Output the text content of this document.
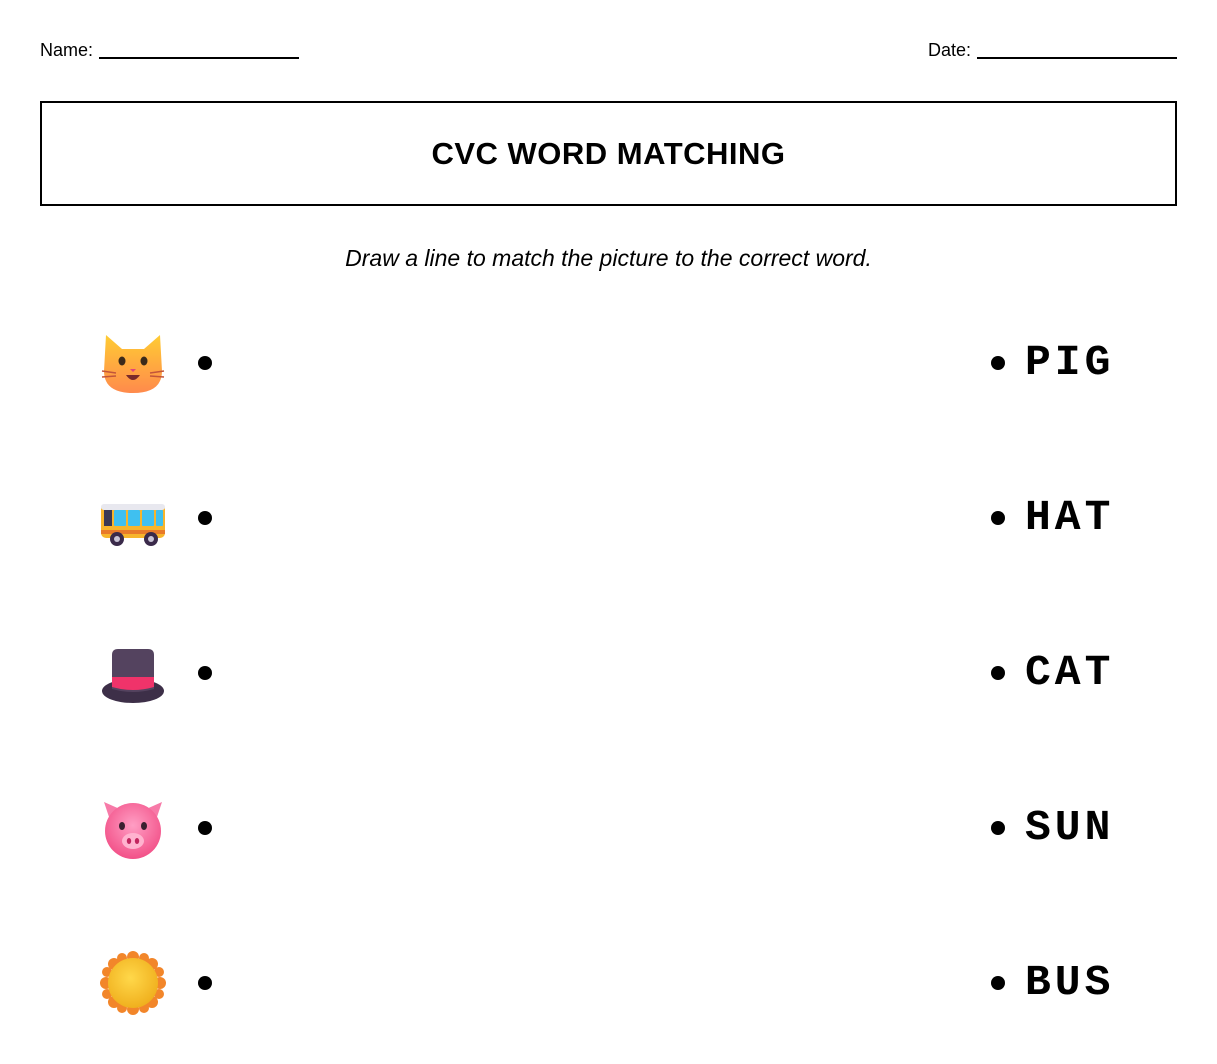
Name:	Date:
CVC WORD MATCHING
Draw a line to match the picture to the correct word.
PIG
HAT
CAT
SUN
BUS
